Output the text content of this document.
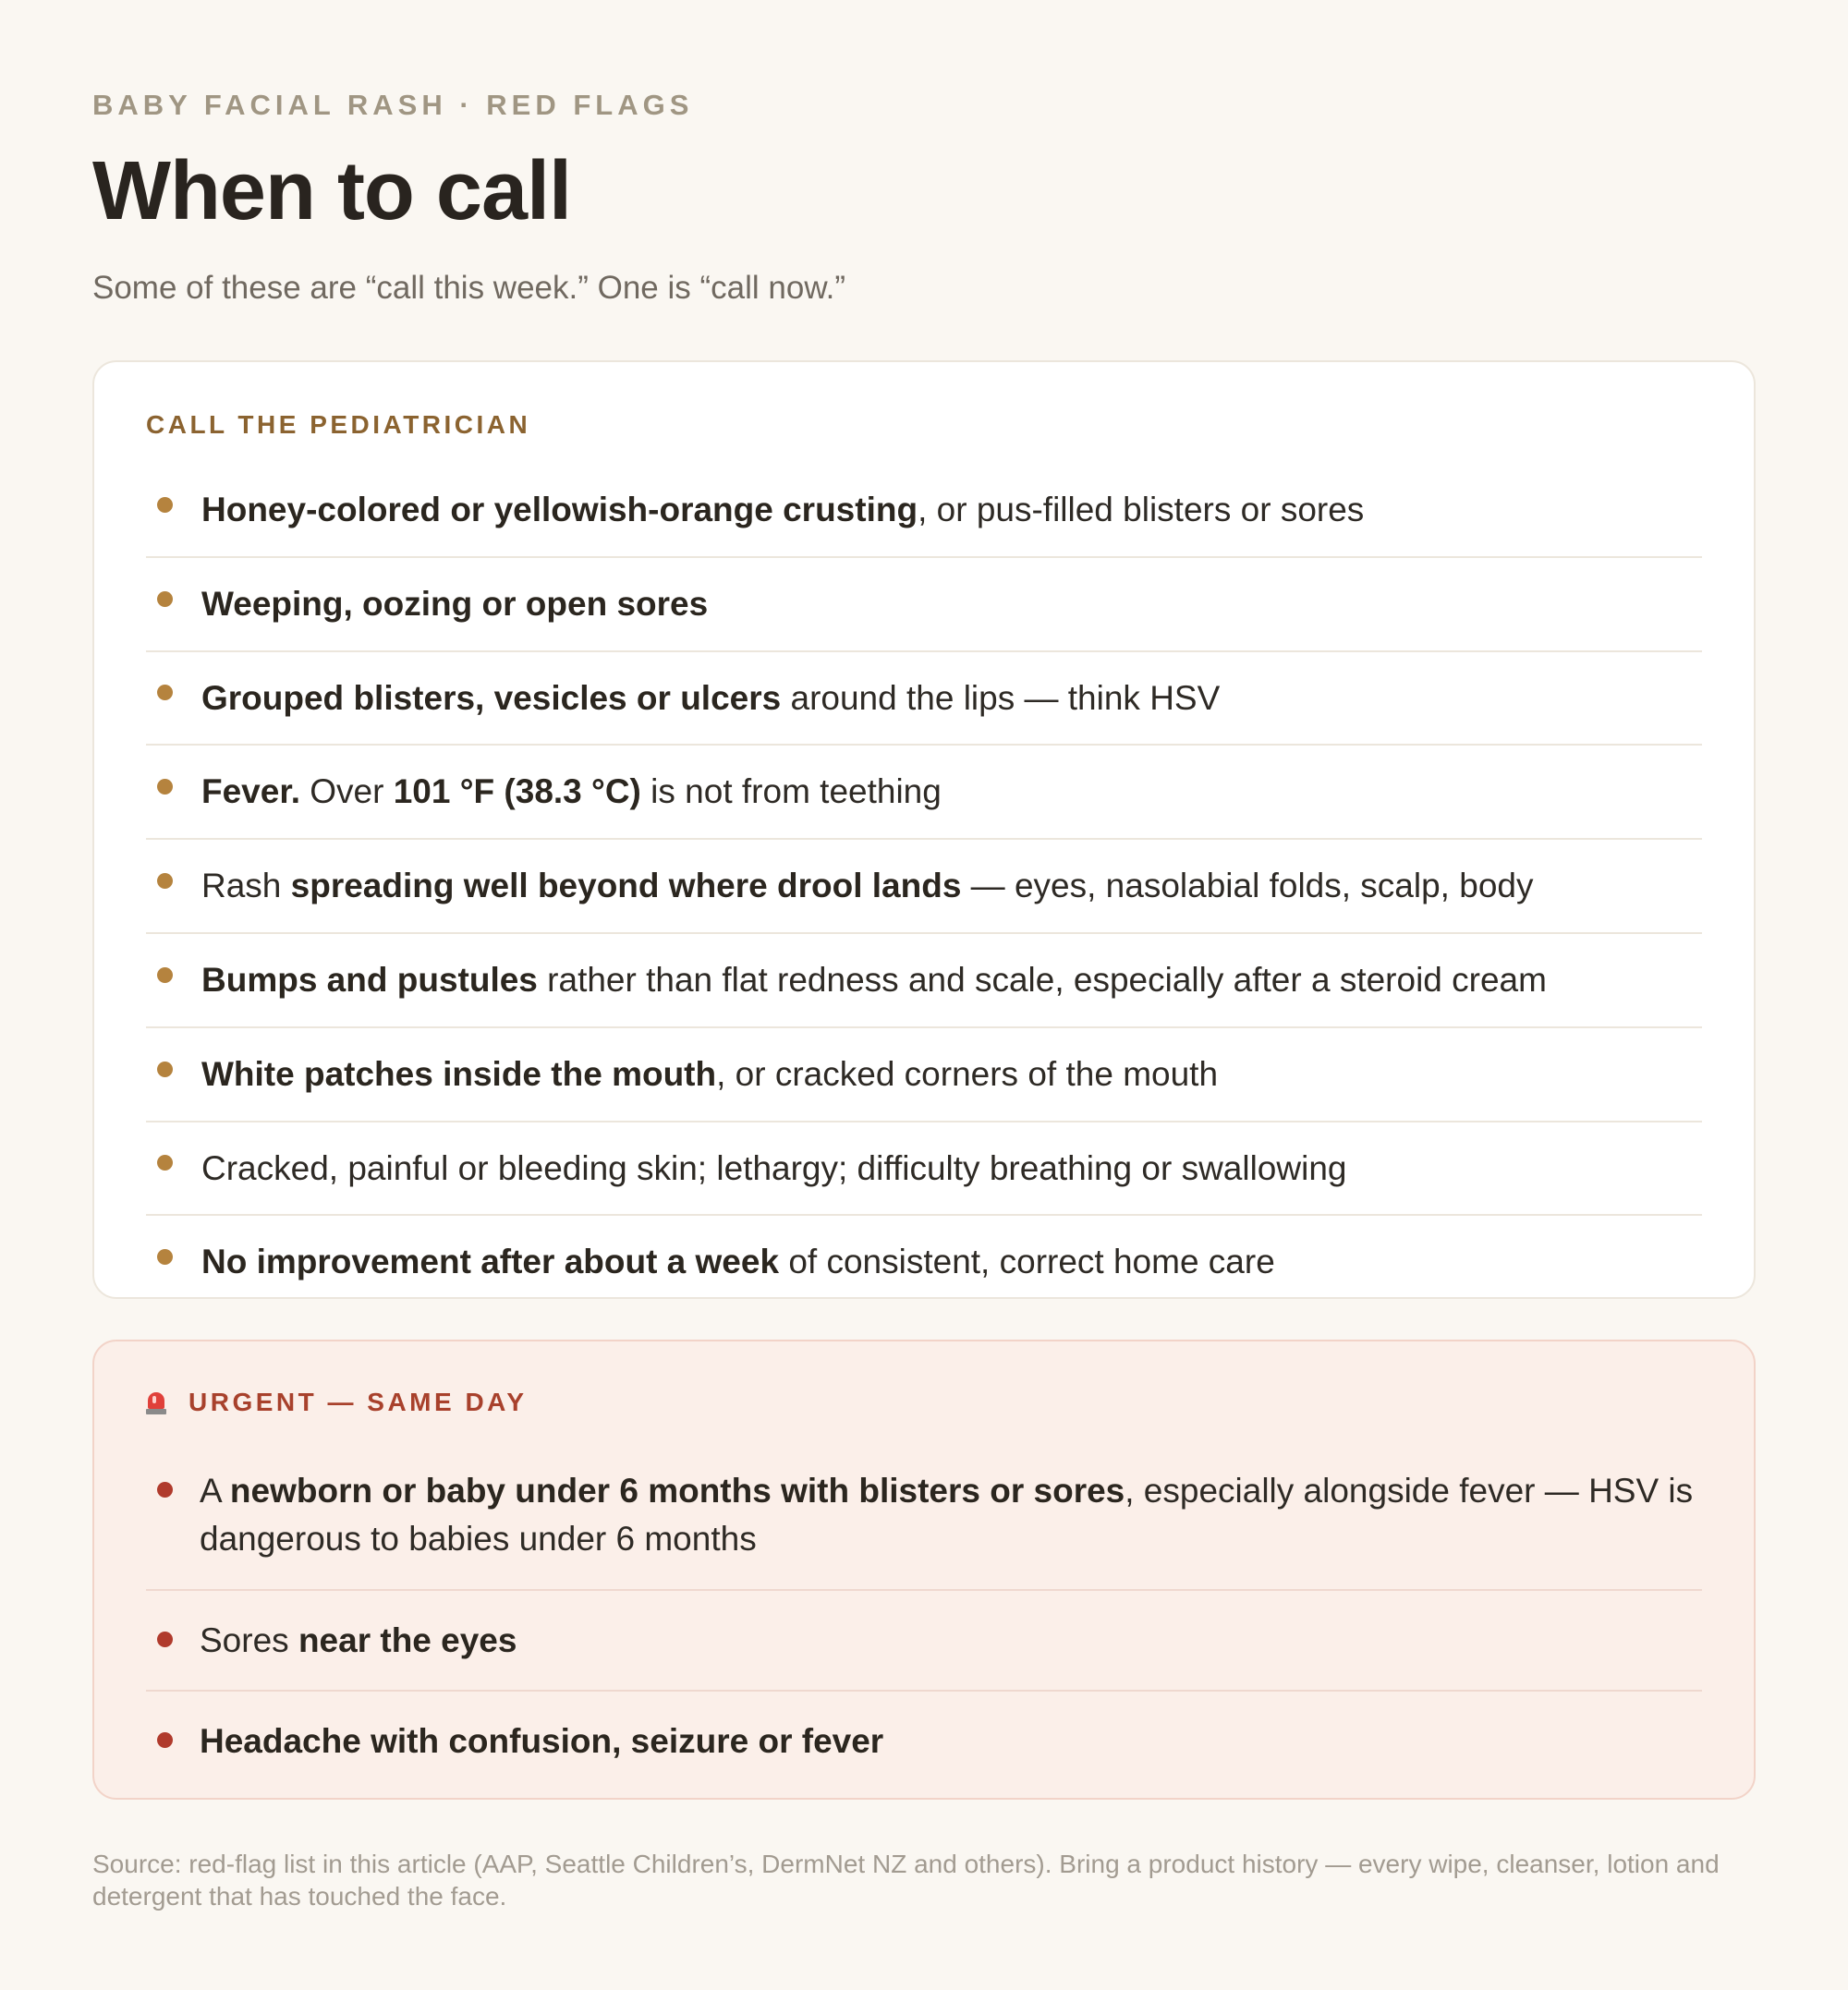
BABY FACIAL RASH · RED FLAGS
When to call

Some of these are “call this week.” One is “call now.”

CALL THE PEDIATRICIAN
Honey-colored or yellowish-orange crusting, or pus-filled blisters or sores
Weeping, oozing or open sores
Grouped blisters, vesicles or ulcers around the lips — think HSV
Fever. Over 101 °F (38.3 °C) is not from teething
Rash spreading well beyond where drool lands — eyes, nasolabial folds, scalp, body
Bumps and pustules rather than flat redness and scale, especially after a steroid cream
White patches inside the mouth, or cracked corners of the mouth
Cracked, painful or bleeding skin; lethargy; difficulty breathing or swallowing
No improvement after about a week of consistent, correct home care
URGENT — SAME DAY
A newborn or baby under 6 months with blisters or sores, especially alongside fever — HSV is dangerous to babies under 6 months
Sores near the eyes
Headache with confusion, seizure or fever
Source: red-flag list in this article (AAP, Seattle Children’s, DermNet NZ and others). Bring a product history — every wipe, cleanser, lotion and detergent that has touched the face.
